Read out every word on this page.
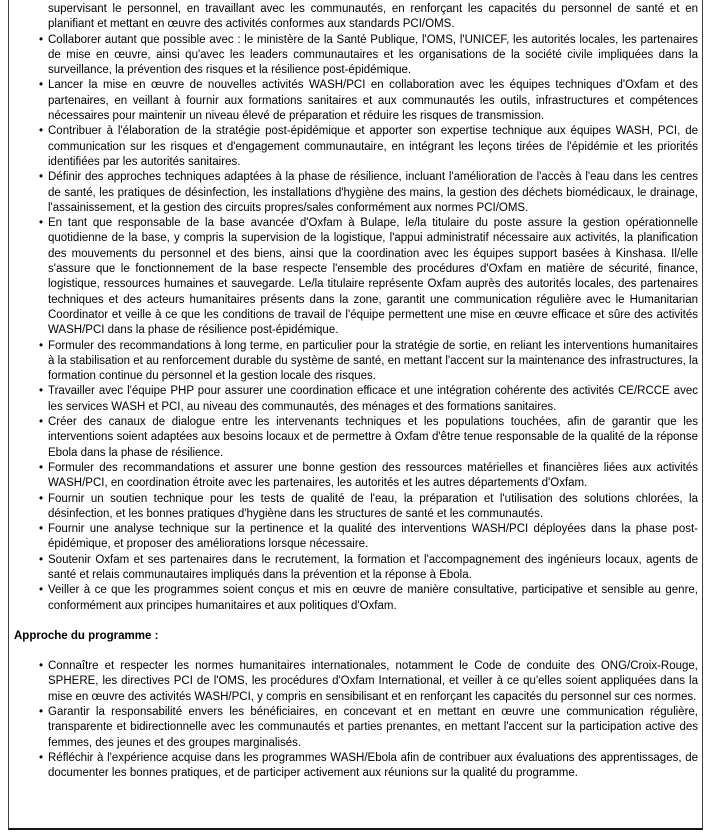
supervisant le personnel, en travaillant avec les communautés, en renforçant les capacités du personnel de santé et en planifiant et mettant en œuvre des activités conformes aux standards PCI/OMS.

• Collaborer autant que possible avec : le ministère de la Santé Publique, l'OMS, l'UNICEF, les autorités locales, les partenaires de mise en œuvre, ainsi qu'avec les leaders communautaires et les organisations de la société civile impliquées dans la surveillance, la prévention des risques et la résilience post-épidémique.
• Lancer la mise en œuvre de nouvelles activités WASH/PCI en collaboration avec les équipes techniques d'Oxfam et des partenaires, en veillant à fournir aux formations sanitaires et aux communautés les outils, infrastructures et compétences nécessaires pour maintenir un niveau élevé de préparation et réduire les risques de transmission.
• Contribuer à l'élaboration de la stratégie post-épidémique et apporter son expertise technique aux équipes WASH, PCI, de communication sur les risques et d'engagement communautaire, en intégrant les leçons tirées de l'épidémie et les priorités identifiées par les autorités sanitaires.
• Définir des approches techniques adaptées à la phase de résilience, incluant l'amélioration de l'accès à l'eau dans les centres de santé, les pratiques de désinfection, les installations d'hygiène des mains, la gestion des déchets biomédicaux, le drainage, l'assainissement, et la gestion des circuits propres/sales conformément aux normes PCI/OMS.
• En tant que responsable de la base avancée d'Oxfam à Bulape, le/la titulaire du poste assure la gestion opérationnelle quotidienne de la base, y compris la supervision de la logistique, l'appui administratif nécessaire aux activités, la planification des mouvements du personnel et des biens, ainsi que la coordination avec les équipes support basées à Kinshasa. Il/elle s'assure que le fonctionnement de la base respecte l'ensemble des procédures d'Oxfam en matière de sécurité, finance, logistique, ressources humaines et sauvegarde. Le/la titulaire représente Oxfam auprès des autorités locales, des partenaires techniques et des acteurs humanitaires présents dans la zone, garantit une communication régulière avec le Humanitarian Coordinator et veille à ce que les conditions de travail de l'équipe permettent une mise en œuvre efficace et sûre des activités WASH/PCI dans la phase de résilience post-épidémique.
• Formuler des recommandations à long terme, en particulier pour la stratégie de sortie, en reliant les interventions humanitaires à la stabilisation et au renforcement durable du système de santé, en mettant l'accent sur la maintenance des infrastructures, la formation continue du personnel et la gestion locale des risques.
• Travailler avec l'équipe PHP pour assurer une coordination efficace et une intégration cohérente des activités CE/RCCE avec les services WASH et PCI, au niveau des communautés, des ménages et des formations sanitaires.
• Créer des canaux de dialogue entre les intervenants techniques et les populations touchées, afin de garantir que les interventions soient adaptées aux besoins locaux et de permettre à Oxfam d'être tenue responsable de la qualité de la réponse Ebola dans la phase de résilience.
• Formuler des recommandations et assurer une bonne gestion des ressources matérielles et financières liées aux activités WASH/PCI, en coordination étroite avec les partenaires, les autorités et les autres départements d'Oxfam.
• Fournir un soutien technique pour les tests de qualité de l'eau, la préparation et l'utilisation des solutions chlorées, la désinfection, et les bonnes pratiques d'hygiène dans les structures de santé et les communautés.
• Fournir une analyse technique sur la pertinence et la qualité des interventions WASH/PCI déployées dans la phase post-épidémique, et proposer des améliorations lorsque nécessaire.
• Soutenir Oxfam et ses partenaires dans le recrutement, la formation et l'accompagnement des ingénieurs locaux, agents de santé et relais communautaires impliqués dans la prévention et la réponse à Ebola.
• Veiller à ce que les programmes soient conçus et mis en œuvre de manière consultative, participative et sensible au genre, conformément aux principes humanitaires et aux politiques d'Oxfam.

Approche du programme :

• Connaître et respecter les normes humanitaires internationales, notamment le Code de conduite des ONG/Croix-Rouge, SPHERE, les directives PCI de l'OMS, les procédures d'Oxfam International, et veiller à ce qu'elles soient appliquées dans la mise en œuvre des activités WASH/PCI, y compris en sensibilisant et en renforçant les capacités du personnel sur ces normes.
• Garantir la responsabilité envers les bénéficiaires, en concevant et en mettant en œuvre une communication régulière, transparente et bidirectionnelle avec les communautés et parties prenantes, en mettant l'accent sur la participation active des femmes, des jeunes et des groupes marginalisés.
• Réfléchir à l'expérience acquise dans les programmes WASH/Ebola afin de contribuer aux évaluations des apprentissages, de documenter les bonnes pratiques, et de participer activement aux réunions sur la qualité du programme.
